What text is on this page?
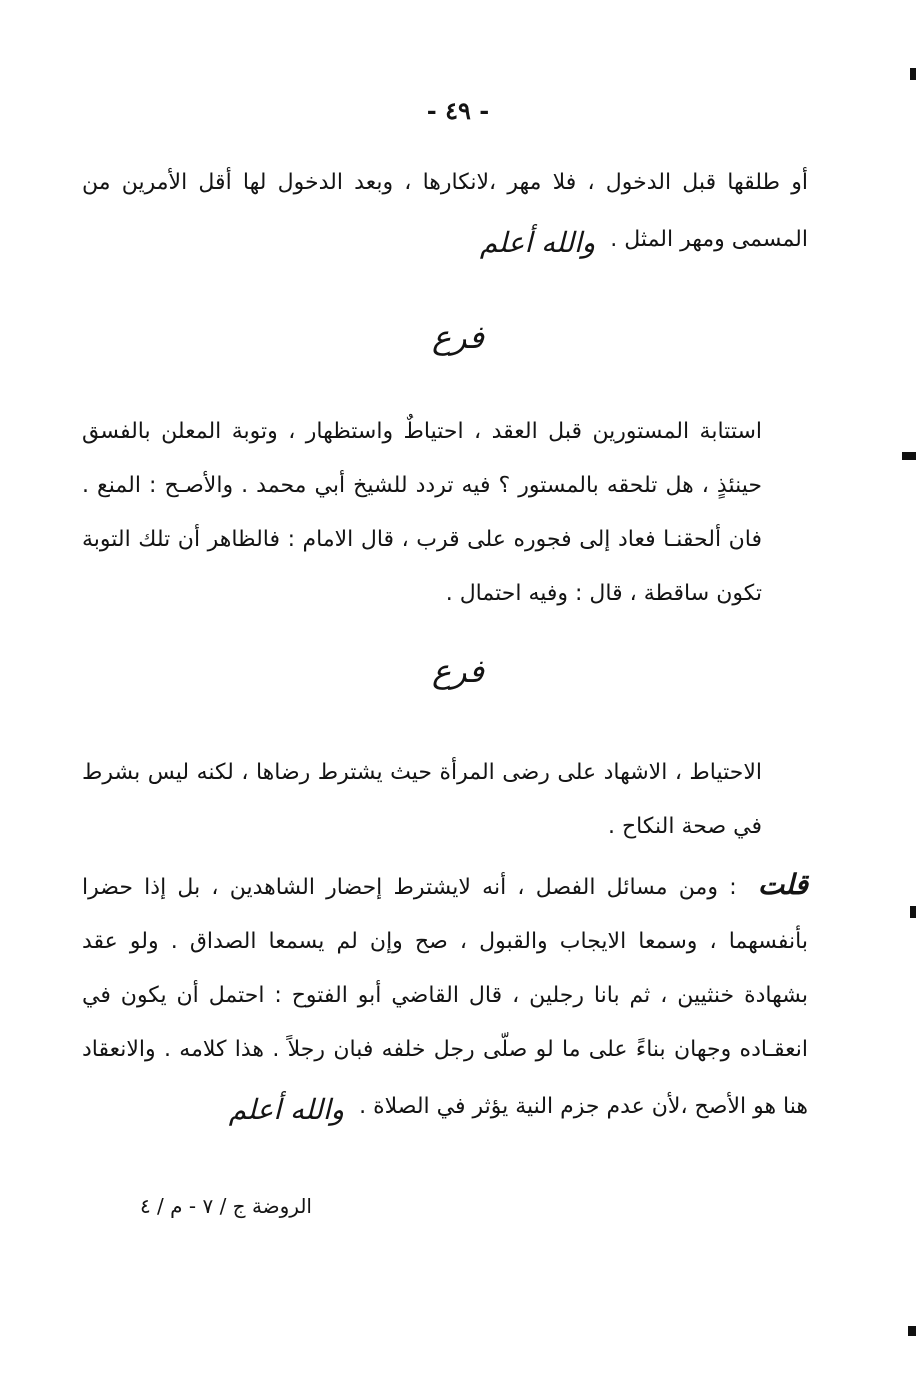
- ٤٩ -

أو طلقها قبل الدخول ، فلا مهر ،لانكارها ، وبعد الدخول لها أقل الأمرين من المسمى ومهر المثل . والله أعلم

فرع

استتابة المستورين قبل العقد ، احتياطٌ واستظهار ، وتوبة المعلن بالفسق حينئذٍ ، هل تلحقه بالمستور ؟ فيه تردد للشيخ أبي محمد . والأصـح : المنع . فان ألحقنـا فعاد إلى فجوره على قرب ، قال الامام : فالظاهر أن تلك التوبة تكون ساقطة ، قال : وفيه احتمال .

فرع

الاحتياط ، الاشهاد على رضى المرأة حيث يشترط رضاها ، لكنه ليس بشرط في صحة النكاح .

قلت : ومن مسائل الفصل ، أنه لايشترط إحضار الشاهدين ، بل إذا حضرا بأنفسهما ، وسمعا الايجاب والقبول ، صح وإن لم يسمعا الصداق . ولو عقد بشهادة خنثيين ، ثم بانا رجلين ، قال القاضي أبو الفتوح : احتمل أن يكون في انعقـاده وجهان بناءً على ما لو صلّى رجل خلفه فبان رجلاً . هذا كلامه . والانعقاد هنا هو الأصح ،لأن عدم جزم النية يؤثر في الصلاة . والله أعلم

الروضة ج / ٧ - م / ٤
